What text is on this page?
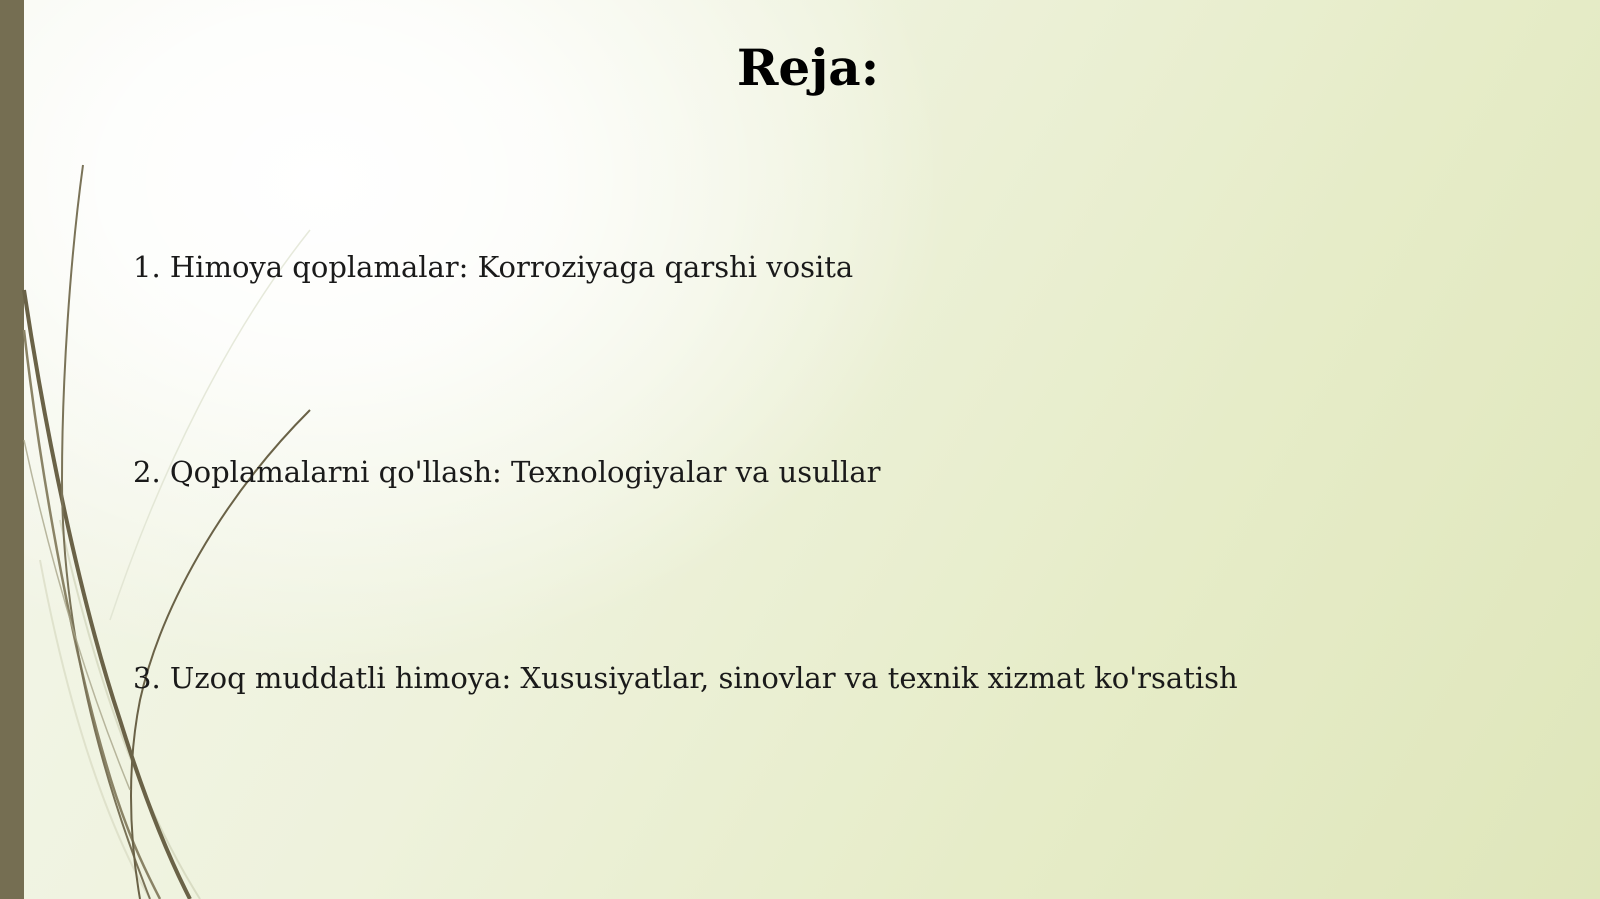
Reja:
1. Himoya qoplamalar: Korroziyaga qarshi vosita
2. Qoplamalarni qo'llash: Texnologiyalar va usullar
3. Uzoq muddatli himoya: Xususiyatlar, sinovlar va texnik xizmat ko'rsatish
